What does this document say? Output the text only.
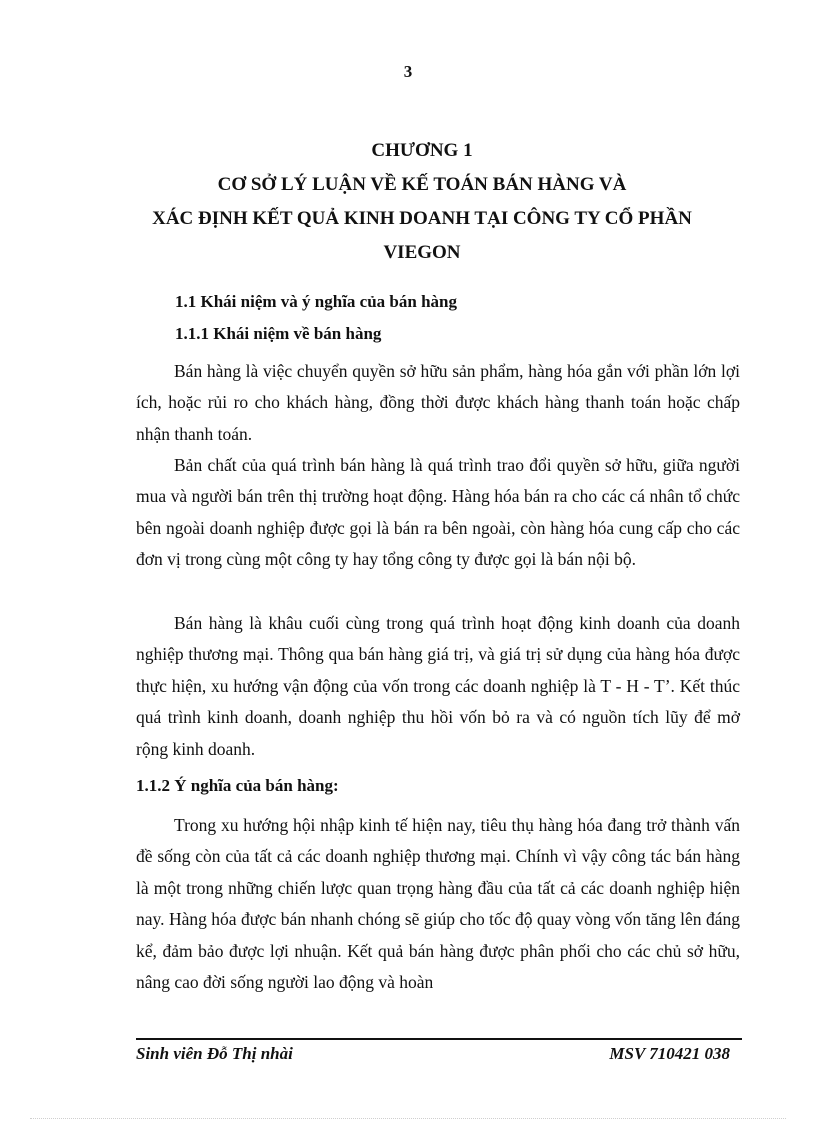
3
CHƯƠNG 1
CƠ SỞ LÝ LUẬN VỀ KẾ TOÁN BÁN HÀNG VÀ
XÁC ĐỊNH KẾT QUẢ KINH DOANH TẠI CÔNG TY CỔ PHẦN
VIEGON
1.1 Khái niệm và ý nghĩa của bán hàng
1.1.1 Khái niệm về bán hàng

Bán hàng là việc chuyển quyền sở hữu sản phẩm, hàng hóa gắn với phần lớn lợi ích, hoặc rủi ro cho khách hàng, đồng thời được khách hàng thanh toán hoặc chấp nhận thanh toán.

Bản chất của quá trình bán hàng là quá trình trao đổi quyền sở hữu, giữa người mua và người bán trên thị trường hoạt động. Hàng hóa bán ra cho các cá nhân tổ chức bên ngoài doanh nghiệp được gọi là bán ra bên ngoài, còn hàng hóa cung cấp cho các đơn vị trong cùng một công ty hay tổng công ty được gọi là bán nội bộ.

Bán hàng là khâu cuối cùng trong quá trình hoạt động kinh doanh của doanh nghiệp thương mại. Thông qua bán hàng giá trị, và giá trị sử dụng của hàng hóa được thực hiện, xu hướng vận động của vốn trong các doanh nghiệp là T - H - T’. Kết thúc quá trình kinh doanh, doanh nghiệp thu hồi vốn bỏ ra và có nguồn tích lũy để mở rộng kinh doanh.

1.1.2 Ý nghĩa của bán hàng:

Trong xu hướng hội nhập kinh tế hiện nay, tiêu thụ hàng hóa đang trở thành vấn đề sống còn của tất cả các doanh nghiệp thương mại. Chính vì vậy công tác bán hàng là một trong những chiến lược quan trọng hàng đầu của tất cả các doanh nghiệp hiện nay. Hàng hóa được bán nhanh chóng sẽ giúp cho tốc độ quay vòng vốn tăng lên đáng kể, đảm bảo được lợi nhuận. Kết quả bán hàng được phân phối cho các chủ sở hữu, nâng cao đời sống người lao động và hoàn

Sinh viên Đỗ Thị nhài	MSV 710421 038
